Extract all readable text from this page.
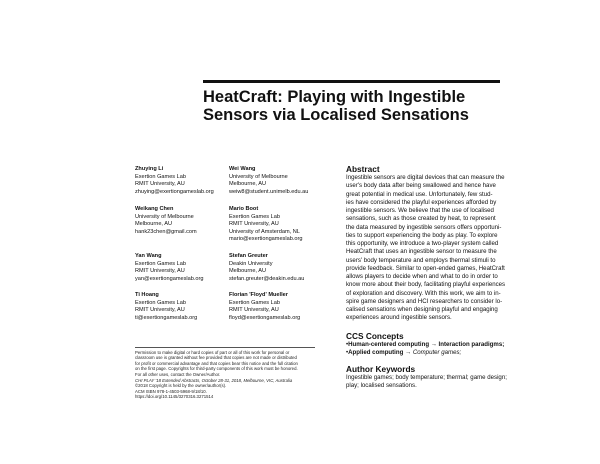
HeatCraft: Playing with Ingestible
Sensors via Localised Sensations
Zhuying Li
Exertion Games Lab
RMIT University, AU
zhuying@exertiongameslab.org
Wei Wang
University of Melbourne
Melbourne, AU
weiw8@student.unimelb.edu.au
Weikang Chen
University of Melbourne
Melbourne, AU
hank23chen@gmail.com
Mario Boot
Exertion Games Lab
RMIT University, AU
University of Amsterdam, NL
mario@exertiongameslab.org
Yan Wang
Exertion Games Lab
RMIT University, AU
yan@exertiongameslab.org
Stefan Greuter
Deakin University
Melbourne, AU
stefan.greuter@deakin.edu.au
Ti Hoang
Exertion Games Lab
RMIT University, AU
ti@exertiongameslab.org
Florian 'Floyd' Mueller
Exertion Games Lab
RMIT University, AU
floyd@exertiongameslab.org
Permission to make digital or hard copies of part or all of this work for personal or
classroom use is granted without fee provided that copies are not made or distributed
for profit or commercial advantage and that copies bear this notice and the full citation
on the first page. Copyrights for third-party components of this work must be honored.
For all other uses, contact the Owner/Author.
CHI PLAY '18 Extended Abstracts, October 28-31, 2018, Melbourne, VIC, Australia
©2018 Copyright is held by the owner/author(s).
ACM ISBN 978-1-4503-5968-9/18/10.
https://doi.org/10.1145/3270316.3271514
Abstract
Ingestible sensors are digital devices that can measure the
user's body data after being swallowed and hence have
great potential in medical use. Unfortunately, few stud-
ies have considered the playful experiences afforded by
ingestible sensors. We believe that the use of localised
sensations, such as those created by heat, to represent
the data measured by ingestible sensors offers opportuni-
ties to support experiencing the body as play. To explore
this opportunity, we introduce a two-player system called
HeatCraft that uses an ingestible sensor to measure the
users' body temperature and employs thermal stimuli to
provide feedback. Similar to open-ended games, HeatCraft
allows players to decide when and what to do in order to
know more about their body, facilitating playful experiences
of exploration and discovery. With this work, we aim to in-
spire game designers and HCI researchers to consider lo-
calised sensations when designing playful and engaging
experiences around ingestible sensors.
CCS Concepts
•Human-centered computing → Interaction paradigms;
•Applied computing → Computer games;
Author Keywords
Ingestible games; body temperature; thermal; game design;
play; localised sensations.
